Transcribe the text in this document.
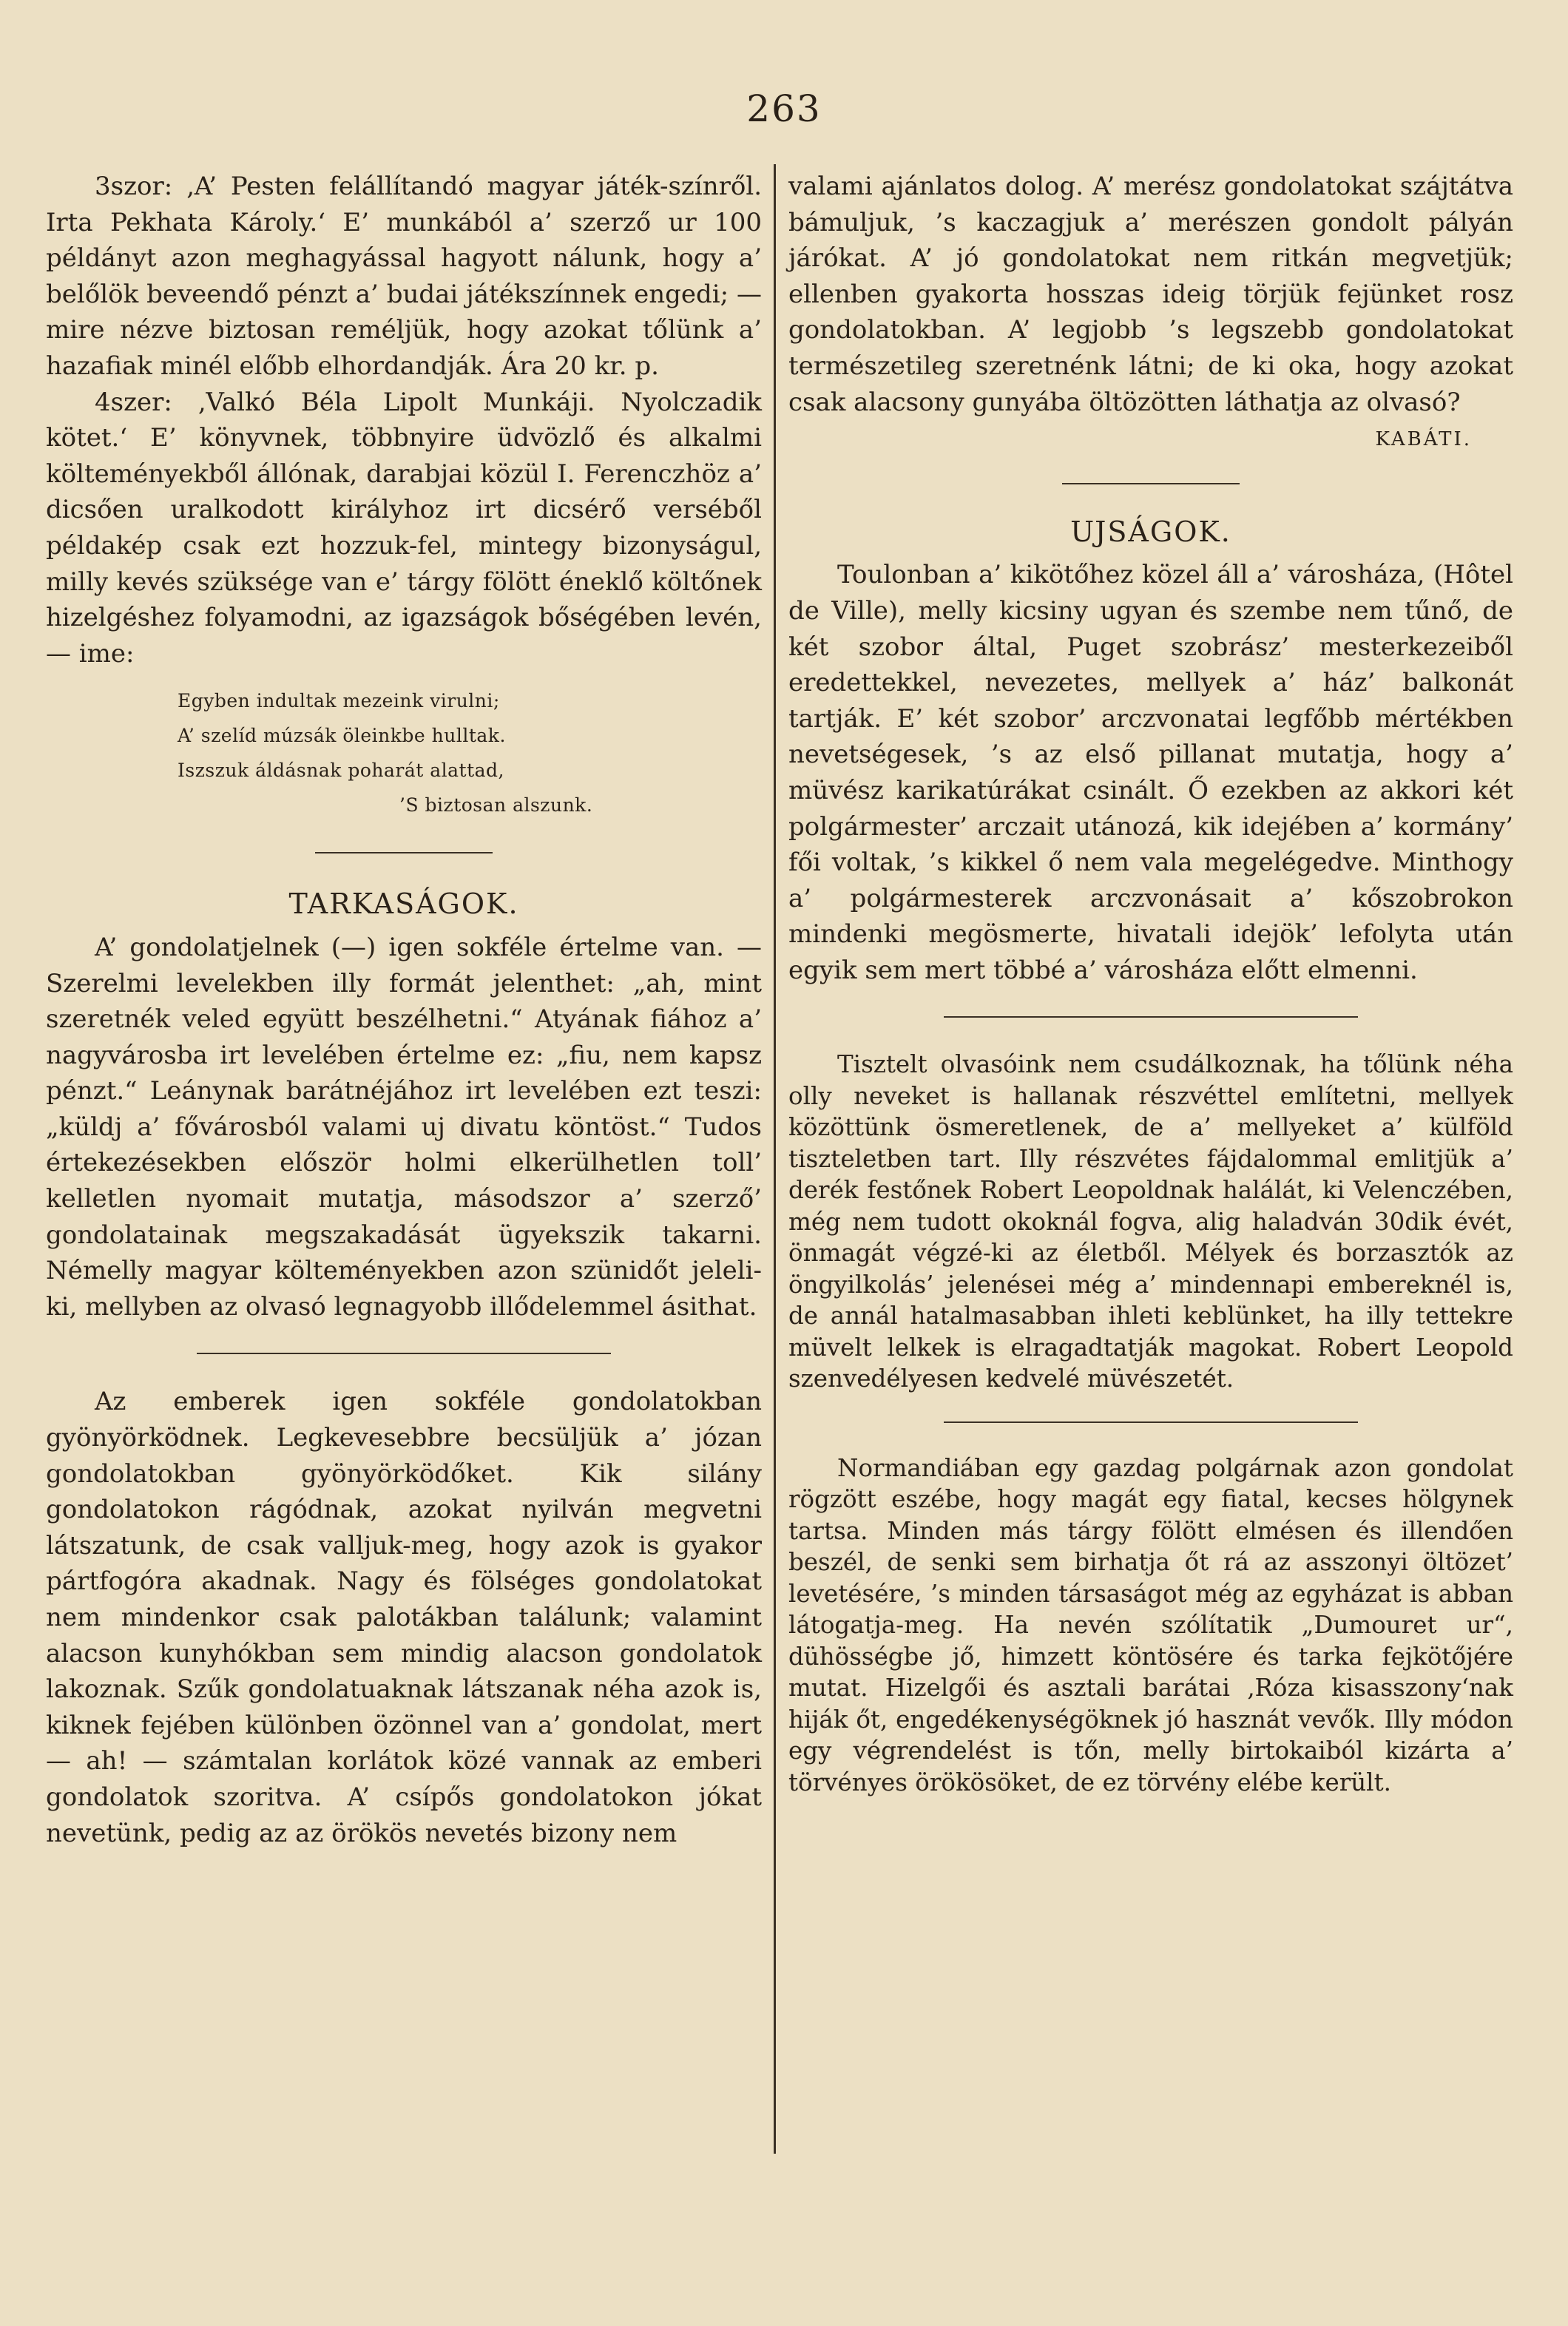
263

3szor: ‚A’ Pesten felállítandó magyar játék-színről. Irta Pekhata Károly.‘ E’ munkából a’ szerző ur 100 példányt azon meghagyással hagyott nálunk, hogy a’ belőlök beveendő pénzt a’ budai játékszínnek engedi; — mire nézve biztosan reméljük, hogy azokat tőlünk a’ hazafiak minél előbb elhordandják. Ára 20 kr. p.

4szer: ‚Valkó Béla Lipolt Munkáji. Nyolczadik kötet.‘ E’ könyvnek, többnyire üdvözlő és alkalmi költeményekből állónak, darabjai közül I. Ferenczhöz a’ dicsően uralkodott királyhoz irt dicsérő verséből példakép csak ezt hozzuk-fel, mintegy bizonyságul, milly kevés szüksége van e’ tárgy fölött éneklő költőnek hizelgéshez folyamodni, az igazságok bőségében levén, — ime:

Egyben indultak mezeink virulni;
A’ szelíd múzsák öleinkbe hulltak.
Iszszuk áldásnak poharát alattad,
’S biztosan alszunk.
TARKASÁGOK.

A’ gondolatjelnek (—) igen sokféle értelme van. — Szerelmi levelekben illy formát jelenthet: „ah, mint szeretnék veled együtt beszélhetni.“ Atyának fiához a’ nagyvárosba irt levelében értelme ez: „fiu, nem kapsz pénzt.“ Leánynak barátnéjához irt levelében ezt teszi: „küldj a’ fővárosból valami uj divatu köntöst.“ Tudos értekezésekben először holmi elkerülhetlen toll’ kelletlen nyomait mutatja, másodszor a’ szerző’ gondolatainak megszakadását ügyekszik takarni. Némelly magyar költeményekben azon szünidőt jeleli-ki, mellyben az olvasó legnagyobb illődelemmel ásithat.

Az emberek igen sokféle gondolatokban gyönyörködnek. Legkevesebbre becsüljük a’ józan gondolatokban gyönyörködőket. Kik silány gondolatokon rágódnak, azokat nyilván megvetni látszatunk, de csak valljuk-meg, hogy azok is gyakor pártfogóra akadnak. Nagy és fölséges gondolatokat nem mindenkor csak palotákban találunk; valamint alacson kunyhókban sem mindig alacson gondolatok lakoznak. Szűk gondolatuaknak látszanak néha azok is, kiknek fejében különben özönnel van a’ gondolat, mert — ah! — számtalan korlátok közé vannak az emberi gondolatok szoritva. A’ csípős gondolatokon jókat nevetünk, pedig az az örökös nevetés bizony nem

valami ajánlatos dolog. A’ merész gondolatokat szájtátva bámuljuk, ’s kaczagjuk a’ merészen gondolt pályán járókat. A’ jó gondolatokat nem ritkán megvetjük; ellenben gyakorta hosszas ideig törjük fejünket rosz gondolatokban. A’ legjobb ’s legszebb gondolatokat természetileg szeretnénk látni; de ki oka, hogy azokat csak alacsony gunyába öltözötten láthatja az olvasó?

KABÁTI.
UJSÁGOK.

Toulonban a’ kikötőhez közel áll a’ városháza, (Hôtel de Ville), melly kicsiny ugyan és szembe nem tűnő, de két szobor által, Puget szobrász’ mesterkezeiből eredettekkel, nevezetes, mellyek a’ ház’ balkonát tartják. E’ két szobor’ arczvonatai legfőbb mértékben nevetségesek, ’s az első pillanat mutatja, hogy a’ müvész karikatúrákat csinált. Ő ezekben az akkori két polgármester’ arczait utánozá, kik idejében a’ kormány’ fői voltak, ’s kikkel ő nem vala megelégedve. Minthogy a’ polgármesterek arczvonásait a’ kőszobrokon mindenki megösmerte, hivatali idejök’ lefolyta után egyik sem mert többé a’ városháza előtt elmenni.

Tisztelt olvasóink nem csudálkoznak, ha tőlünk néha olly neveket is hallanak részvéttel említetni, mellyek közöttünk ösmeretlenek, de a’ mellyeket a’ külföld tiszteletben tart. Illy részvétes fájdalommal emlitjük a’ derék festőnek Robert Leopoldnak halálát, ki Velenczében, még nem tudott okoknál fogva, alig haladván 30dik évét, önmagát végzé-ki az életből. Mélyek és borzasztók az öngyilkolás’ jelenései még a’ mindennapi embereknél is, de annál hatalmasabban ihleti keblünket, ha illy tettekre müvelt lelkek is elragadtatják magokat. Robert Leopold szenvedélyesen kedvelé müvészetét.

Normandiában egy gazdag polgárnak azon gondolat rögzött eszébe, hogy magát egy fiatal, kecses hölgynek tartsa. Minden más tárgy fölött elmésen és illendően beszél, de senki sem birhatja őt rá az asszonyi öltözet’ levetésére, ’s minden társaságot még az egyházat is abban látogatja-meg. Ha nevén szólítatik „Dumouret ur“, dühösségbe jő, himzett köntösére és tarka fejkötőjére mutat. Hizelgői és asztali barátai ‚Róza kisasszony‘nak hiják őt, engedékenységöknek jó hasznát vevők. Illy módon egy végrendelést is tőn, melly birtokaiból kizárta a’ törvényes örökösöket, de ez törvény elébe került.
